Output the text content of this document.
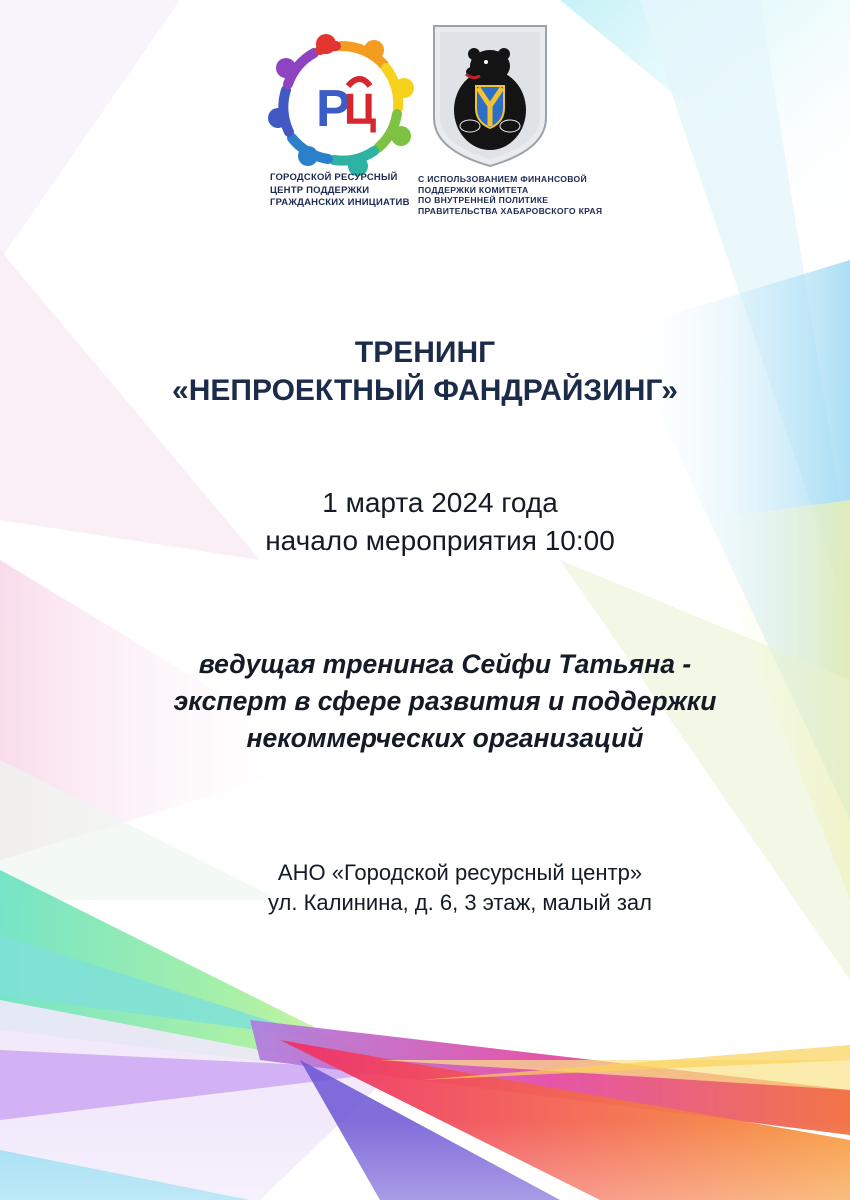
Р
Ц
ГОРОДСКОЙ РЕСУРСНЫЙ
ЦЕНТР ПОДДЕРЖКИ
ГРАЖДАНСКИХ ИНИЦИАТИВ
С ИСПОЛЬЗОВАНИЕМ ФИНАНСОВОЙ
ПОДДЕРЖКИ КОМИТЕТА
ПО ВНУТРЕННЕЙ ПОЛИТИКЕ
ПРАВИТЕЛЬСТВА ХАБАРОВСКОГО КРАЯ
ТРЕНИНГ
«НЕПРОЕКТНЫЙ ФАНДРАЙЗИНГ»
1 марта 2024 года
начало мероприятия 10:00
ведущая тренинга Сейфи Татьяна -
эксперт в сфере развития и поддержки
некоммерческих организаций
АНО «Городской ресурсный центр»
ул. Калинина, д. 6, 3 этаж, малый зал
